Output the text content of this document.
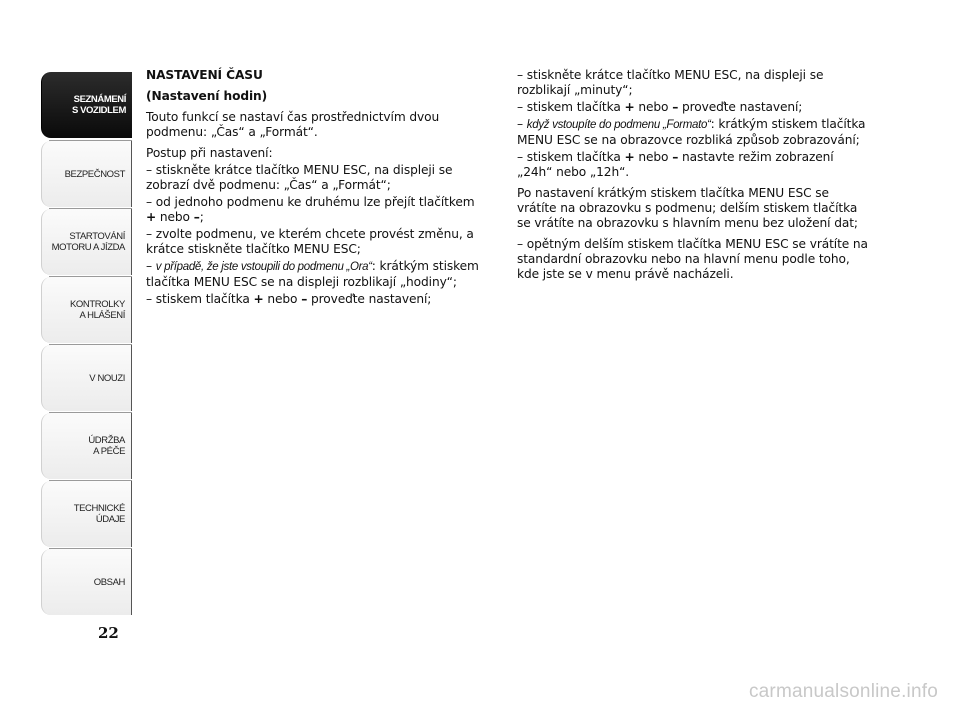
SEZNÁMENÍ
S VOZIDLEM
BEZPEČNOST
STARTOVÁNÍ
MOTORU A JÍZDA
KONTROLKY
A HLÁŠENÍ
V NOUZI
ÚDRŽBA
A PÉČE
TECHNICKÉ
ÚDAJE
OBSAH
22

NASTAVENÍ ČASU

(Nastavení hodin)

Touto funkcí se nastaví čas prostřednictvím dvou podmenu: „Čas“ a „Formát“.

Postup při nastavení:

– stiskněte krátce tlačítko MENU ESC, na displeji se zobrazí dvě podmenu: „Čas“ a „Formát“;

– od jednoho podmenu ke druhému lze přejít tlačítkem
+ nebo –;

– zvolte podmenu, ve kterém chcete provést změnu, a krátce stiskněte tlačítko MENU ESC;

– v případě, že jste vstoupili do podmenu „Ora“: krátkým stiskem tlačítka MENU ESC se na displeji rozblikají „hodiny“;

– stiskem tlačítka + nebo – proveďte nastavení;

– stiskněte krátce tlačítko MENU ESC, na displeji se rozblikají „minuty“;

– stiskem tlačítka + nebo – proveďte nastavení;

– když vstoupíte do podmenu „Formato“: krátkým stiskem tlačítka MENU ESC se na obrazovce rozbliká způsob zobrazování;

– stiskem tlačítka + nebo – nastavte režim zobrazení „24h“ nebo „12h“.

Po nastavení krátkým stiskem tlačítka MENU ESC se vrátíte na obrazovku s podmenu; delším stiskem tlačítka se vrátíte na obrazovku s hlavním menu bez uložení dat;

– opětným delším stiskem tlačítka MENU ESC se vrátíte na standardní obrazovku nebo na hlavní menu podle toho, kde jste se v menu právě nacházeli.

carmanualsonline.info
